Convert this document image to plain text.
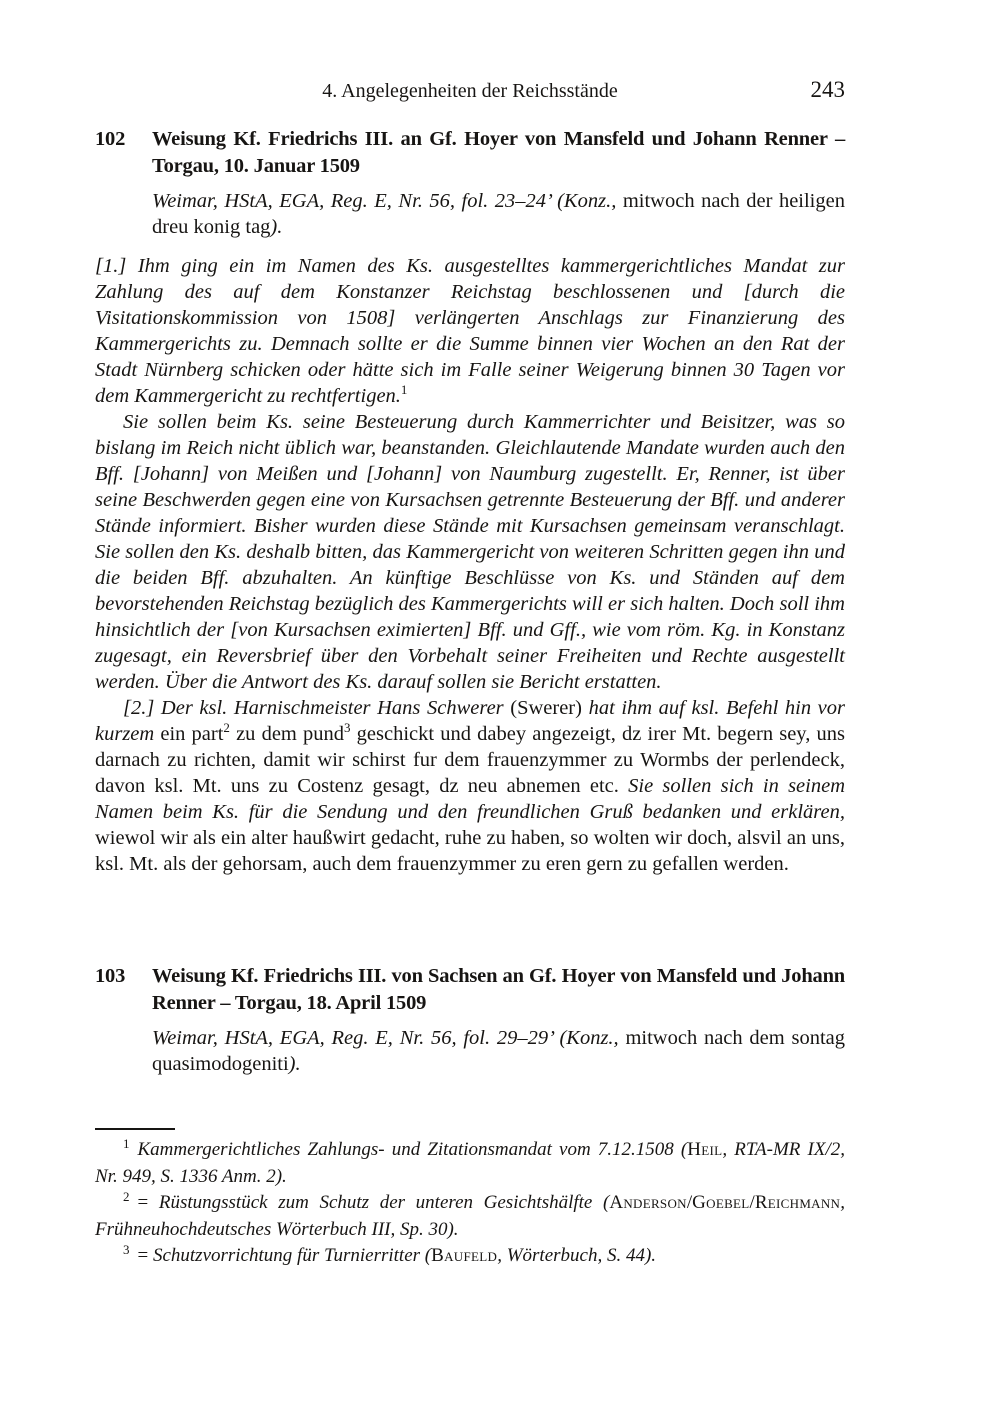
4. Angelegenheiten der Reichsstände	243
102	Weisung Kf. Friedrichs III. an Gf. Hoyer von Mansfeld und Johann Renner – Torgau, 10. Januar 1509

Weimar, HStA, EGA, Reg. E, Nr. 56, fol. 23–24’ (Konz., mitwoch nach der heiligen dreu konig tag).

[1.] Ihm ging ein im Namen des Ks. ausgestelltes kammergerichtliches Mandat zur Zahlung des auf dem Konstanzer Reichstag beschlossenen und [durch die Visitationskommission von 1508] verlängerten Anschlags zur Finanzierung des Kammergerichts zu. Demnach sollte er die Summe binnen vier Wochen an den Rat der Stadt Nürnberg schicken oder hätte sich im Falle seiner Weigerung binnen 30 Tagen vor dem Kammergericht zu rechtfertigen.$^1$

Sie sollen beim Ks. seine Besteuerung durch Kammerrichter und Beisitzer, was so bislang im Reich nicht üblich war, beanstanden. Gleichlautende Mandate wurden auch den Bff. [Johann] von Meißen und [Johann] von Naumburg zugestellt. Er, Renner, ist über seine Beschwerden gegen eine von Kursachsen getrennte Besteuerung der Bff. und anderer Stände informiert. Bisher wurden diese Stände mit Kursachsen gemeinsam veranschlagt. Sie sollen den Ks. deshalb bitten, das Kammergericht von weiteren Schritten gegen ihn und die beiden Bff. abzuhalten. An künftige Beschlüsse von Ks. und Ständen auf dem bevorstehenden Reichstag bezüglich des Kammergerichts will er sich halten. Doch soll ihm hinsichtlich der [von Kursachsen eximierten] Bff. und Gff., wie vom röm. Kg. in Konstanz zugesagt, ein Reversbrief über den Vorbehalt seiner Freiheiten und Rechte ausgestellt werden. Über die Antwort des Ks. darauf sollen sie Bericht erstatten.

[2.] Der ksl. Harnischmeister Hans Schwerer (Swerer) hat ihm auf ksl. Befehl hin vor kurzem ein part$^2$ zu dem pund$^3$ geschickt und dabey angezeigt, dz irer Mt. begern sey, uns darnach zu richten, damit wir schirst fur dem frauenzymmer zu Wormbs der perlendeck, davon ksl. Mt. uns zu Costenz gesagt, dz neu abnemen etc. Sie sollen sich in seinem Namen beim Ks. für die Sendung und den freundlichen Gruß bedanken und erklären, wiewol wir als ein alter haußwirt gedacht, ruhe zu haben, so wolten wir doch, alsvil an uns, ksl. Mt. als der gehorsam, auch dem frauenzymmer zu eren gern zu gefallen werden.

103	Weisung Kf. Friedrichs III. von Sachsen an Gf. Hoyer von Mansfeld und Johann Renner – Torgau, 18. April 1509

Weimar, HStA, EGA, Reg. E, Nr. 56, fol. 29–29’ (Konz., mitwoch nach dem sontag quasimodogeniti).

$^1$ Kammergerichtliches Zahlungs- und Zitationsmandat vom 7.12.1508 (Heil, RTA-MR IX/2, Nr. 949, S. 1336 Anm. 2).

$^2$ = Rüstungsstück zum Schutz der unteren Gesichtshälfte (Anderson/Goebel/Reichmann, Frühneuhochdeutsches Wörterbuch III, Sp. 30).

$^3$ = Schutzvorrichtung für Turnierritter (Baufeld, Wörterbuch, S. 44).
